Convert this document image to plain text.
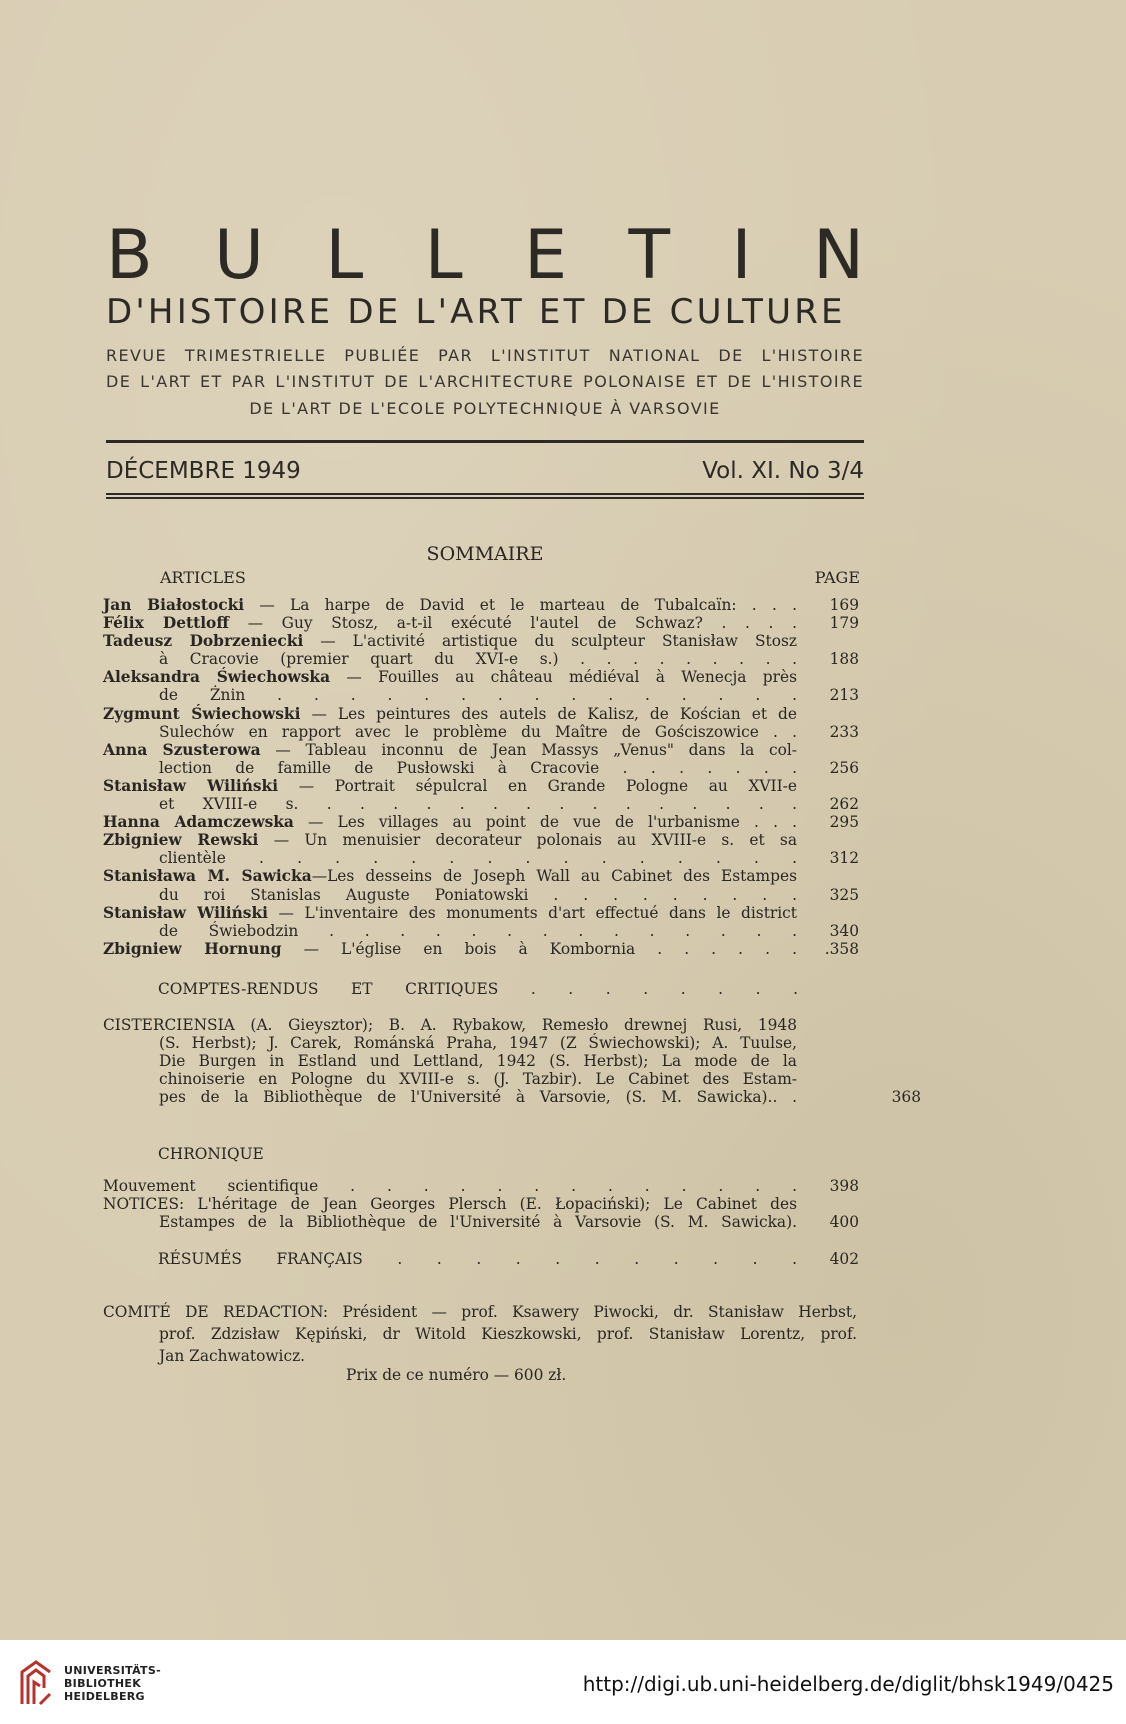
B U L L E T I N
D'HISTOIRE DE L'ART ET DE CULTURE
REVUE TRIMESTRIELLE PUBLIÉE PAR L'INSTITUT NATIONAL DE L'HISTOIRE
DE L'ART ET PAR L'INSTITUT DE L'ARCHITECTURE POLONAISE ET DE L'HISTOIRE
DE L'ART DE L'ECOLE POLYTECHNIQUE À VARSOVIE
DÉCEMBRE 1949	Vol. XI. No 3/4
SOMMAIRE
ARTICLES	PAGE
Jan Białostocki — La harpe de David et le marteau de Tubalcaïn: . . . 169
Félix Dettloff — Guy Stosz, a-t-il exécuté l'autel de Schwaz? . . . . 179
Tadeusz Dobrzeniecki — L'activité artistique du sculpteur Stanisław Stosz
à Cracovie (premier quart du XVI-e s.) . . . . . . . . . 188
Aleksandra Świechowska — Fouilles au château médiéval à Wenecja près
de Żnin . . . . . . . . . . . . . . . 213
Zygmunt Świechowski — Les peintures des autels de Kalisz, de Kościan et de
Sulechów en rapport avec le problème du Maître de Gościszowice . . 233
Anna Szusterowa — Tableau inconnu de Jean Massys „Venus" dans la col-
lection de famille de Pusłowski à Cracovie . . . . . . . 256
Stanisław Wiliński — Portrait sépulcral en Grande Pologne au XVII-e
et XVIII-e s. . . . . . . . . . . . . . . . 262
Hanna Adamczewska — Les villages au point de vue de l'urbanisme . . . 295
Zbigniew Rewski — Un menuisier decorateur polonais au XVIII-e s. et sa
clientèle . . . . . . . . . . . . . . . 312
Stanisława M. Sawicka—Les desseins de Joseph Wall au Cabinet des Estampes
du roi Stanislas Auguste Poniatowski . . . . . . . . . 325
Stanisław Wiliński — L'inventaire des monuments d'art effectué dans le district
de Świebodzin . . . . . . . . . . . . . . 340
Zbigniew Hornung — L'église en bois à Kombornia . . . . . . .358
COMPTES-RENDUS ET CRITIQUES . . . . . . . .
CISTERCIENSIA (A. Gieysztor); B. A. Rybakow, Remesło drewnej Rusi, 1948
(S. Herbst); J. Carek, Románská Praha, 1947 (Z Świechowski); A. Tuulse,
Die Burgen in Estland und Lettland, 1942 (S. Herbst); La mode de la
chinoiserie en Pologne du XVIII-e s. (J. Tazbir). Le Cabinet des Estam-
pes de la Bibliothèque de l'Université à Varsovie, (S. M. Sawicka).. .	368
CHRONIQUE
Mouvement scientifique . . . . . . . . . . . . . 398
NOTICES: L'héritage de Jean Georges Plersch (E. Łopaciński); Le Cabinet des
Estampes de la Bibliothèque de l'Université à Varsovie (S. M. Sawicka). 400
RÉSUMÉS FRANÇAIS . . . . . . . . . . . 402
COMITÉ DE REDACTION: Président — prof. Ksawery Piwocki, dr. Stanisław Herbst,
prof. Zdzisław Kępiński, dr Witold Kieszkowski, prof. Stanisław Lorentz, prof.
Jan Zachwatowicz.
Prix de ce numéro — 600 zł.
UNIVERSITÄTS-
BIBLIOTHEK
HEIDELBERG
http://digi.ub.uni-heidelberg.de/diglit/bhsk1949/0425
